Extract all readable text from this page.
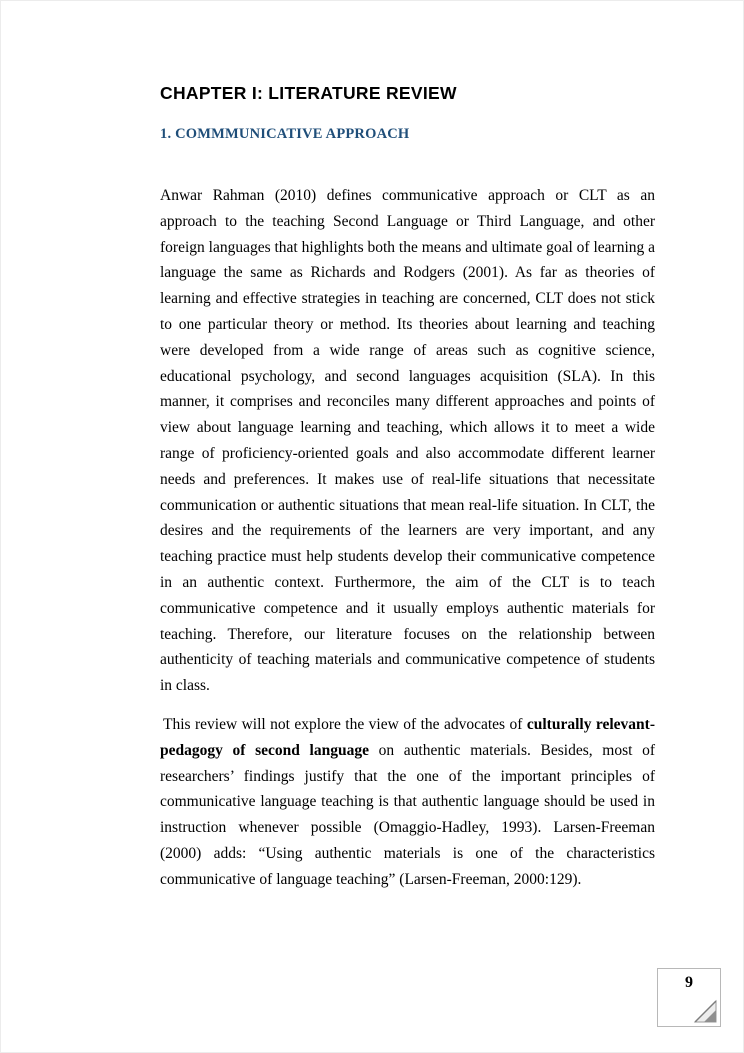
CHAPTER I: LITERATURE REVIEW
1. COMMMUNICATIVE APPROACH

Anwar Rahman (2010) defines communicative approach or CLT as an approach to the teaching Second Language or Third Language, and other foreign languages that highlights both the means and ultimate goal of learning a language the same as Richards and Rodgers (2001). As far as theories of learning and effective strategies in teaching are concerned, CLT does not stick to one particular theory or method. Its theories about learning and teaching were developed from a wide range of areas such as cognitive science, educational psychology, and second languages acquisition (SLA). In this manner, it comprises and reconciles many different approaches and points of view about language learning and teaching, which allows it to meet a wide range of proficiency-oriented goals and also accommodate different learner needs and preferences. It makes use of real-life situations that necessitate communication or authentic situations that mean real-life situation. In CLT, the desires and the requirements of the learners are very important, and any teaching practice must help students develop their communicative competence in an authentic context. Furthermore, the aim of the CLT is to teach communicative competence and it usually employs authentic materials for teaching. Therefore, our literature focuses on the relationship between authenticity of teaching materials and communicative competence of students in class.

This review will not explore the view of the advocates of culturally relevant-pedagogy of second language on authentic materials. Besides, most of researchers’ findings justify that the one of the important principles of communicative language teaching is that authentic language should be used in instruction whenever possible (Omaggio-Hadley, 1993). Larsen-Freeman (2000) adds: “Using authentic materials is one of the characteristics communicative of language teaching” (Larsen-Freeman, 2000:129).

9
